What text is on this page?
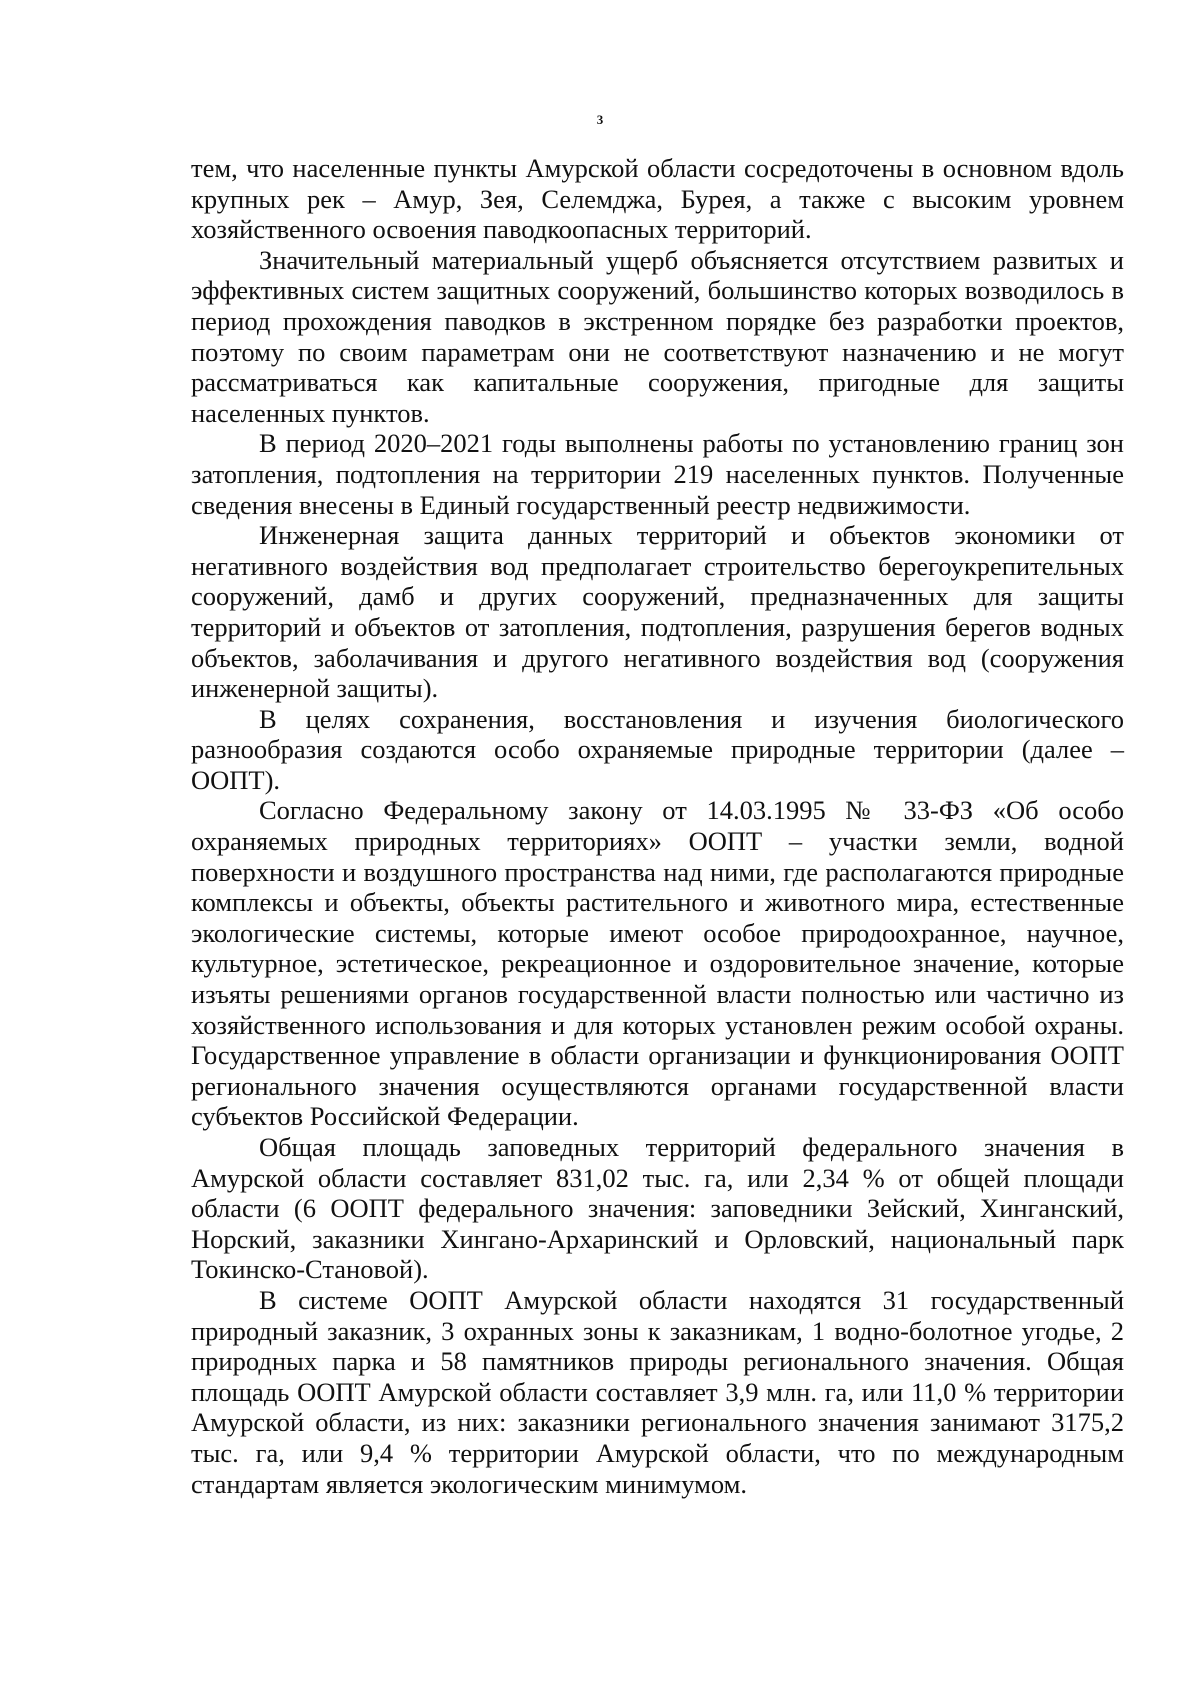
3

тем, что населенные пункты Амурской области сосредоточены в основном вдоль крупных рек – Амур, Зея, Селемджа, Бурея, а также с высоким уровнем хозяйственного освоения паводкоопасных территорий.

Значительный материальный ущерб объясняется отсутствием развитых и эффективных систем защитных сооружений, большинство которых возводилось в период прохождения паводков в экстренном порядке без разработки проектов, поэтому по своим параметрам они не соответствуют назначению и не могут рассматриваться как капитальные сооружения, пригодные для защиты населенных пунктов.

В период 2020–2021 годы выполнены работы по установлению границ зон затопления, подтопления на территории 219 населенных пунктов. Полученные сведения внесены в Единый государственный реестр недвижимости.

Инженерная защита данных территорий и объектов экономики от негативного воздействия вод предполагает строительство берегоукрепительных сооружений, дамб и других сооружений, предназначенных для защиты территорий и объектов от затопления, подтопления, разрушения берегов водных объектов, заболачивания и другого негативного воздействия вод (сооружения инженерной защиты).

В целях сохранения, восстановления и изучения биологического разнообразия создаются особо охраняемые природные территории (далее – ООПТ).

Согласно Федеральному закону от 14.03.1995 № 33-ФЗ «Об особо охраняемых природных территориях» ООПТ – участки земли, водной поверхности и воздушного пространства над ними, где располагаются природные комплексы и объекты, объекты растительного и животного мира, естественные экологические системы, которые имеют особое природоохранное, научное, культурное, эстетическое, рекреационное и оздоровительное значение, которые изъяты решениями органов государственной власти полностью или частично из хозяйственного использования и для которых установлен режим особой охраны. Государственное управление в области организации и функционирования ООПТ регионального значения осуществляются органами государственной власти субъектов Российской Федерации.

Общая площадь заповедных территорий федерального значения в Амурской области составляет 831,02 тыс. га, или 2,34 % от общей площади области (6 ООПТ федерального значения: заповедники Зейский, Хинганский, Норский, заказники Хингано-Архаринский и Орловский, национальный парк Токинско-Становой).

В системе ООПТ Амурской области находятся 31 государственный природный заказник, 3 охранных зоны к заказникам, 1 водно-болотное угодье, 2 природных парка и 58 памятников природы регионального значения. Общая площадь ООПТ Амурской области составляет 3,9 млн. га, или 11,0 % территории Амурской области, из них: заказники регионального значения занимают 3175,2 тыс. га, или 9,4 % территории Амурской области, что по международным стандартам является экологическим минимумом.
